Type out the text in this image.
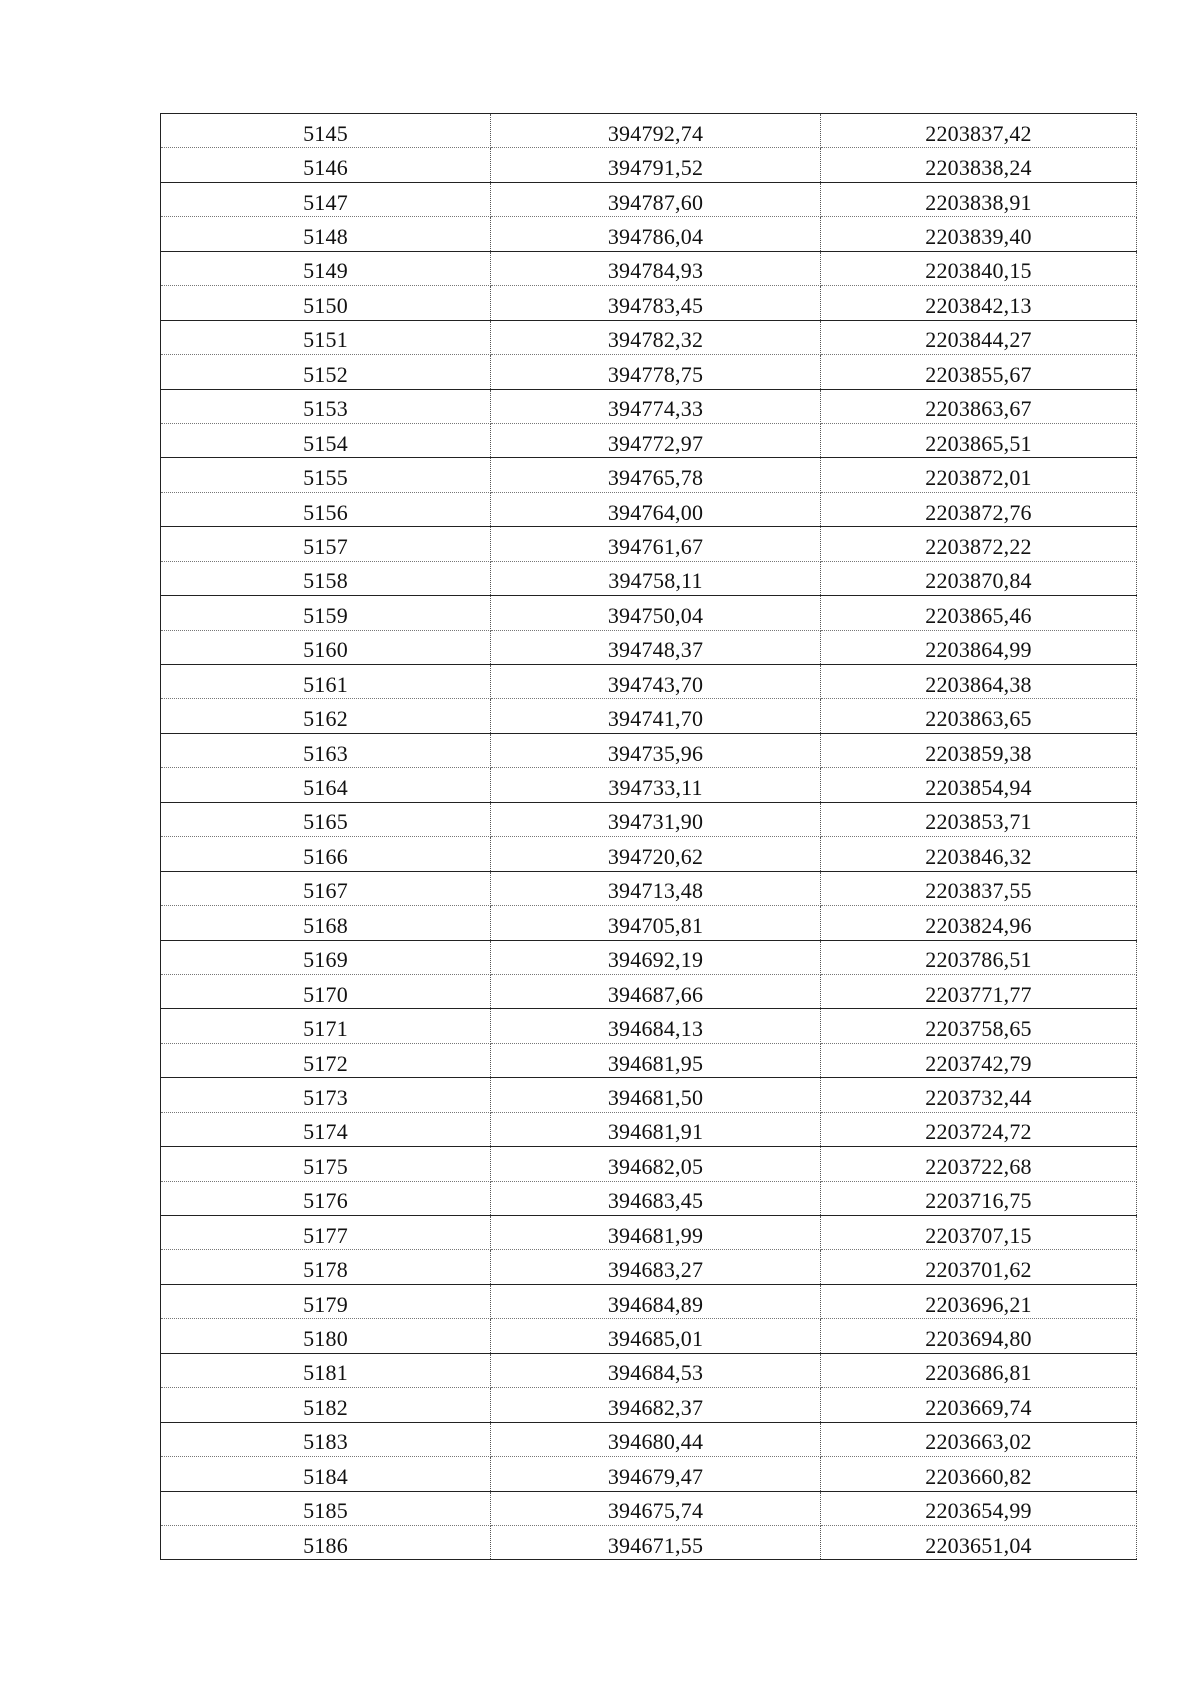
5145	394792,74	2203837,42
5146	394791,52	2203838,24
5147	394787,60	2203838,91
5148	394786,04	2203839,40
5149	394784,93	2203840,15
5150	394783,45	2203842,13
5151	394782,32	2203844,27
5152	394778,75	2203855,67
5153	394774,33	2203863,67
5154	394772,97	2203865,51
5155	394765,78	2203872,01
5156	394764,00	2203872,76
5157	394761,67	2203872,22
5158	394758,11	2203870,84
5159	394750,04	2203865,46
5160	394748,37	2203864,99
5161	394743,70	2203864,38
5162	394741,70	2203863,65
5163	394735,96	2203859,38
5164	394733,11	2203854,94
5165	394731,90	2203853,71
5166	394720,62	2203846,32
5167	394713,48	2203837,55
5168	394705,81	2203824,96
5169	394692,19	2203786,51
5170	394687,66	2203771,77
5171	394684,13	2203758,65
5172	394681,95	2203742,79
5173	394681,50	2203732,44
5174	394681,91	2203724,72
5175	394682,05	2203722,68
5176	394683,45	2203716,75
5177	394681,99	2203707,15
5178	394683,27	2203701,62
5179	394684,89	2203696,21
5180	394685,01	2203694,80
5181	394684,53	2203686,81
5182	394682,37	2203669,74
5183	394680,44	2203663,02
5184	394679,47	2203660,82
5185	394675,74	2203654,99
5186	394671,55	2203651,04
